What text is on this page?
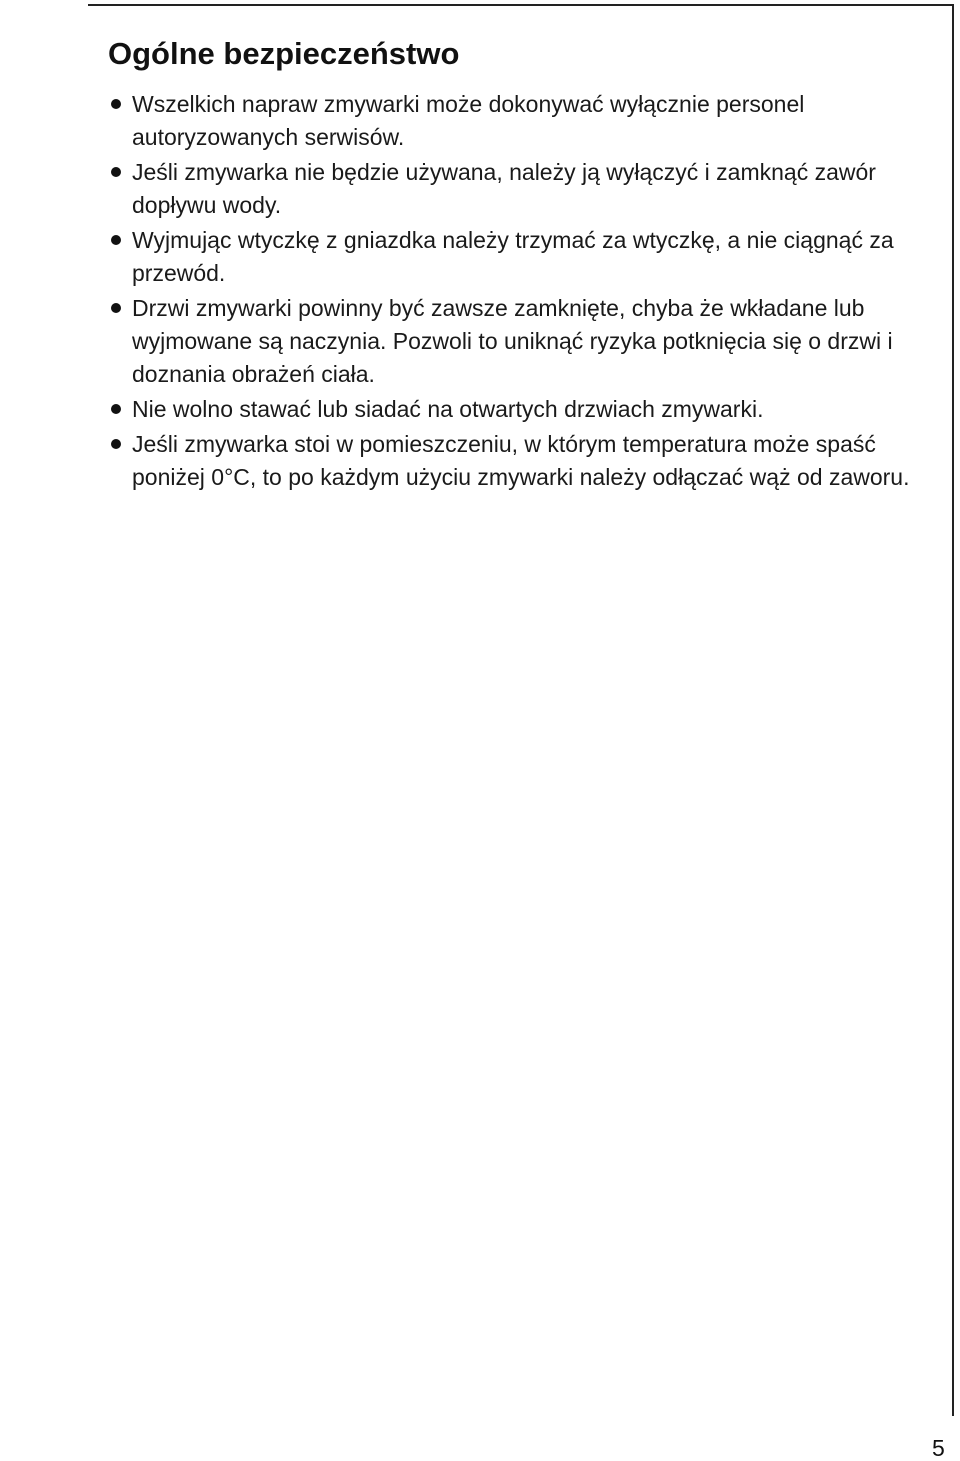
Ogólne bezpieczeństwo
Wszelkich napraw zmywarki może dokonywać wyłącznie personel autoryzowanych serwisów.
Jeśli zmywarka nie będzie używana, należy ją wyłączyć i zamknąć zawór dopływu wody.
Wyjmując wtyczkę z gniazdka należy trzymać za wtyczkę, a nie ciągnąć za przewód.
Drzwi zmywarki powinny być zawsze zamknięte, chyba że wkładane lub wyjmowane są naczynia. Pozwoli to uniknąć ryzyka potknięcia się o drzwi i doznania obrażeń ciała.
Nie wolno stawać lub siadać na otwartych drzwiach zmywarki.
Jeśli zmywarka stoi w pomieszczeniu, w którym temperatura może spaść poniżej 0°C, to po każdym użyciu zmywarki należy odłączać wąż od zaworu.
5
